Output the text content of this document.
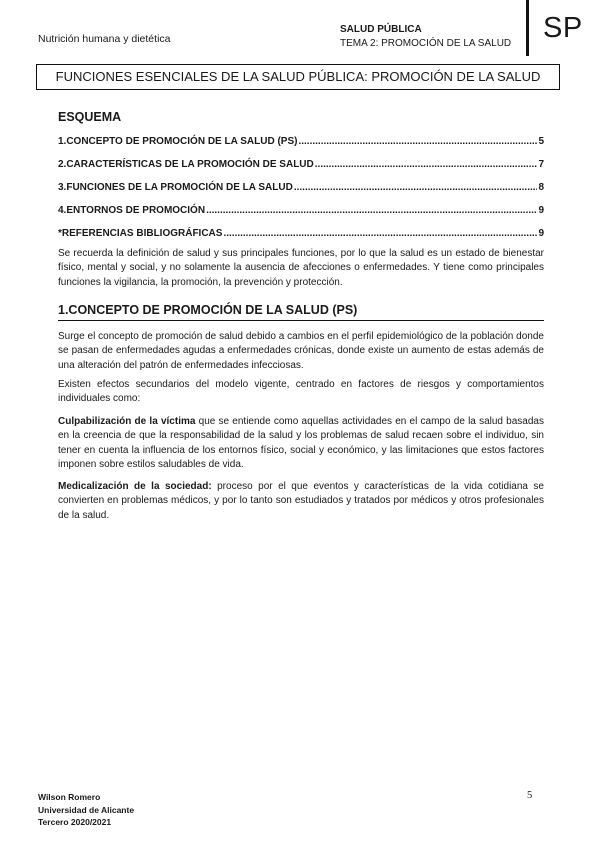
Nutrición humana y dietética
SALUD PÚBLICA
TEMA 2: PROMOCIÓN DE LA SALUD SP
FUNCIONES ESENCIALES DE LA SALUD PÚBLICA: PROMOCIÓN DE LA SALUD
ESQUEMA
1.CONCEPTO DE PROMOCIÓN DE LA SALUD (PS) .....	5
2.CARACTERÍSTICAS DE LA PROMOCIÓN DE SALUD .....	7
3.FUNCIONES DE LA PROMOCIÓN DE LA SALUD .....	8
4.ENTORNOS DE PROMOCIÓN .....	9
*REFERENCIAS BIBLIOGRÁFICAS .....	9

Se recuerda la definición de salud y sus principales funciones, por lo que la salud es un estado de bienestar físico, mental y social, y no solamente la ausencia de afecciones o enfermedades. Y tiene como principales funciones la vigilancia, la promoción, la prevención y protección.

1.CONCEPTO DE PROMOCIÓN DE LA SALUD (PS)

Surge el concepto de promoción de salud debido a cambios en el perfil epidemiológico de la población donde se pasan de enfermedades agudas a enfermedades crónicas, donde existe un aumento de estas además de una alteración del patrón de enfermedades infecciosas.

Existen efectos secundarios del modelo vigente, centrado en factores de riesgos y comportamientos individuales como:

Culpabilización de la víctima que se entiende como aquellas actividades en el campo de la salud basadas en la creencia de que la responsabilidad de la salud y los problemas de salud recaen sobre el individuo, sin tener en cuenta la influencia de los entornos físico, social y económico, y las limitaciones que estos factores imponen sobre estilos saludables de vida.

Medicalización de la sociedad: proceso por el que eventos y características de la vida cotidiana se convierten en problemas médicos, y por lo tanto son estudiados y tratados por médicos y otros profesionales de la salud.

Wilson Romero
Universidad de Alicante
Tercero 2020/2021
5
